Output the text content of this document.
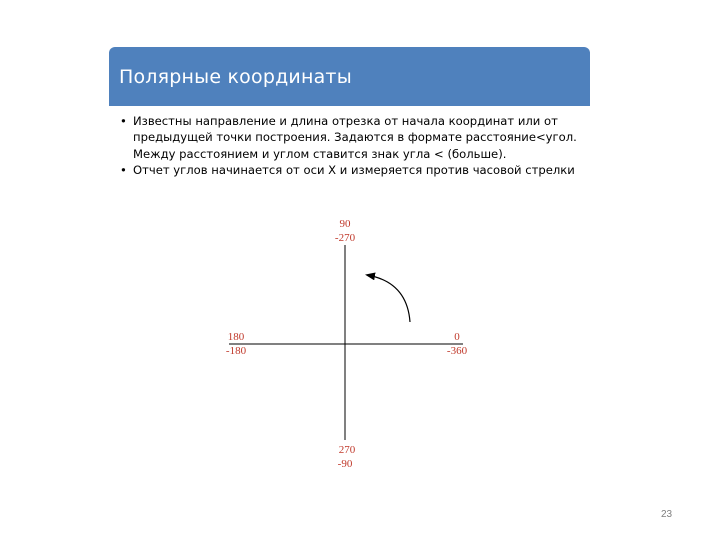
Полярные координаты

• Известны направление и длина отрезка от начала координат или от предыдущей точки построения. Задаются в формате расстояние<угол. Между расстоянием и углом ставится знак угла < (больше).

• Отчет углов начинается от оси X и измеряется против часовой стрелки

90
-270
0
-360
180
-180
270
-90
23
